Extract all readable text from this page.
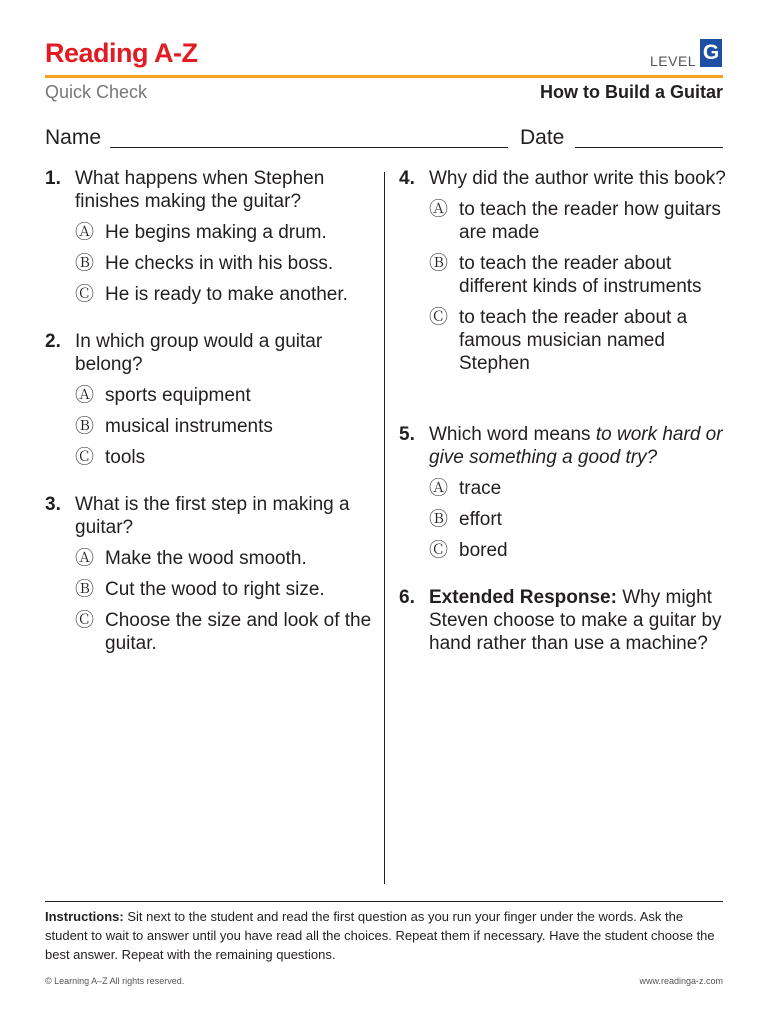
Reading A-Z	LEVEL G
Quick Check	How to Build a Guitar
Name	Date
1. What happens when Stephen finishes making the guitar?
Ⓐ He begins making a drum.
Ⓑ He checks in with his boss.
Ⓒ He is ready to make another.
2. In which group would a guitar belong?
Ⓐ sports equipment
Ⓑ musical instruments
Ⓒ tools
3. What is the first step in making a guitar?
Ⓐ Make the wood smooth.
Ⓑ Cut the wood to right size.
Ⓒ Choose the size and look of the guitar.
4. Why did the author write this book?
Ⓐ to teach the reader how guitars are made
Ⓑ to teach the reader about different kinds of instruments
Ⓒ to teach the reader about a famous musician named Stephen
5. Which word means to work hard or give something a good try?
Ⓐ trace
Ⓑ effort
Ⓒ bored
6. Extended Response: Why might Steven choose to make a guitar by hand rather than use a machine?
Instructions: Sit next to the student and read the first question as you run your finger under the words. Ask the student to wait to answer until you have read all the choices. Repeat them if necessary. Have the student choose the best answer. Repeat with the remaining questions.
© Learning A–Z All rights reserved.	www.readinga-z.com
